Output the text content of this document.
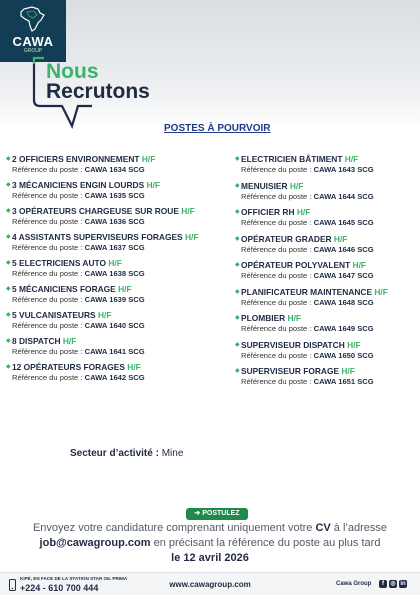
CAWA
GROUP
Nous
Recrutons
POSTES À POURVOIR
◆ 2 OFFICIERS ENVIRONNEMENT H/F
Référence du poste : CAWA 1634 SCG
◆ 3 MÉCANICIENS ENGIN LOURDS H/F
Référence du poste : CAWA 1635 SCG
◆ 3 OPÉRATEURS CHARGEUSE SUR ROUE H/F
Référence du poste : CAWA 1636 SCG
◆ 4 ASSISTANTS SUPERVISEURS FORAGES H/F
Référence du poste : CAWA 1637 SCG
◆ 5 ELECTRICIENS AUTO H/F
Référence du poste : CAWA 1638 SCG
◆ 5 MÉCANICIENS FORAGE H/F
Référence du poste : CAWA 1639 SCG
◆ 5 VULCANISATEURS H/F
Référence du poste : CAWA 1640 SCG
◆ 8 DISPATCH H/F
Référence du poste : CAWA 1641 SCG
◆ 12 OPÉRATEURS FORAGES H/F
Référence du poste : CAWA 1642 SCG
◆ ELECTRICIEN BÂTIMENT H/F
Référence du poste : CAWA 1643 SCG
◆ MENUISIER H/F
Référence du poste : CAWA 1644 SCG
◆ OFFICIER RH H/F
Référence du poste : CAWA 1645 SCG
◆ OPÉRATEUR GRADER H/F
Référence du poste : CAWA 1646 SCG
◆ OPÉRATEUR POLYVALENT H/F
Référence du poste : CAWA 1647 SCG
◆ PLANIFICATEUR MAINTENANCE H/F
Référence du poste : CAWA 1648 SCG
◆ PLOMBIER H/F
Référence du poste : CAWA 1649 SCG
◆ SUPERVISEUR DISPATCH H/F
Référence du poste : CAWA 1650 SCG
◆ SUPERVISEUR FORAGE H/F
Référence du poste : CAWA 1651 SCG
Secteur d’activité : Mine
➔ POSTULEZ
Envoyez votre candidature comprenant uniquement votre CV à l’adresse
job@cawagroup.com en précisant la référence du poste au plus tard
le 12 avril 2026
KIPÉ, EN FACE DE LA STATION STAR OIL PRIMA
+224 - 610 700 444	www.cawagroup.com	Cawa Group	f	◎ in
